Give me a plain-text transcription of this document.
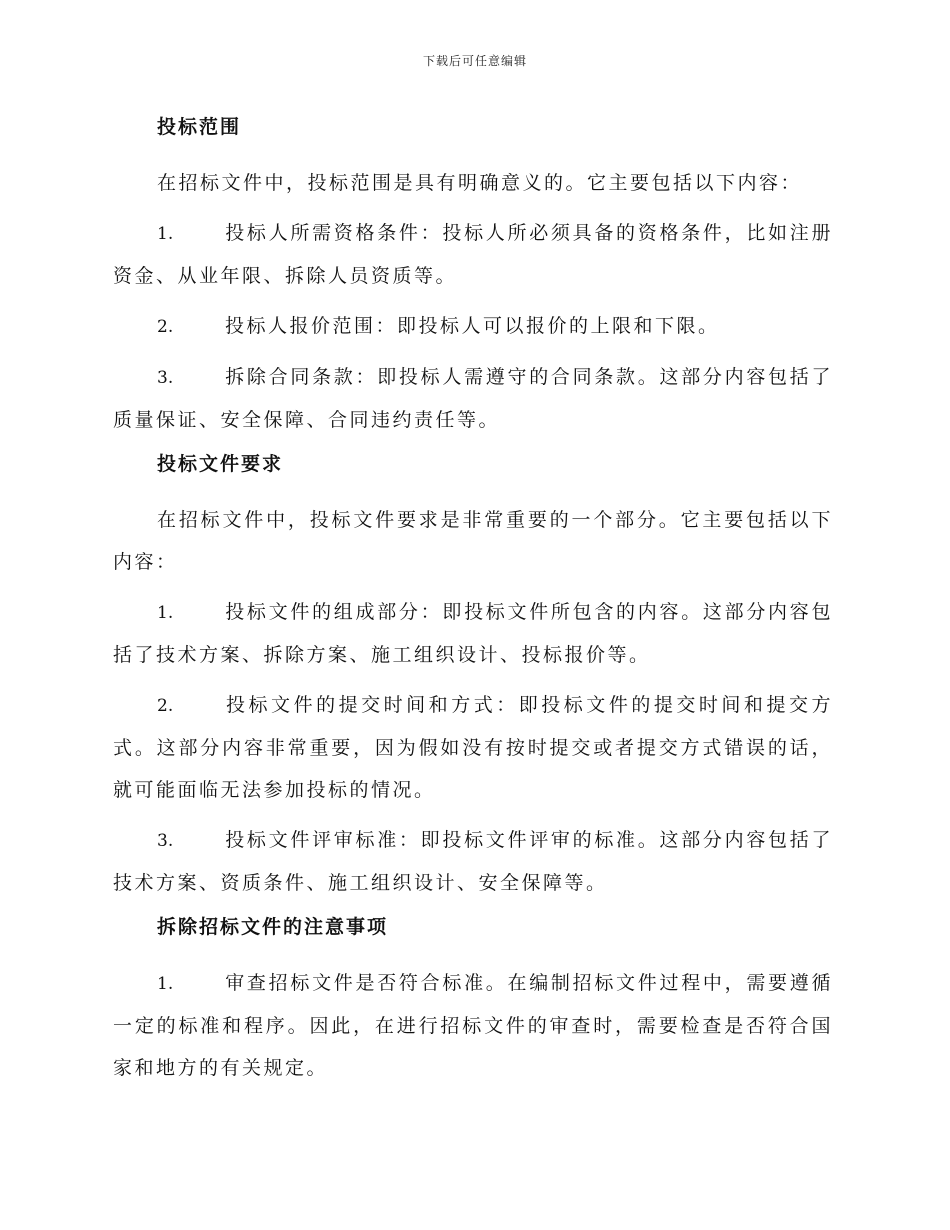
下载后可任意编辑
投标范围

在招标文件中，投标范围是具有明确意义的。它主要包括以下内容：

1.	投标人所需资格条件：投标人所必须具备的资格条件，比如注册资金、从业年限、拆除人员资质等。

2.	投标人报价范围：即投标人可以报价的上限和下限。

3.	拆除合同条款：即投标人需遵守的合同条款。这部分内容包括了质量保证、安全保障、合同违约责任等。

投标文件要求

在招标文件中，投标文件要求是非常重要的一个部分。它主要包括以下内容：

1.	投标文件的组成部分：即投标文件所包含的内容。这部分内容包括了技术方案、拆除方案、施工组织设计、投标报价等。

2.	投标文件的提交时间和方式：即投标文件的提交时间和提交方式。这部分内容非常重要，因为假如没有按时提交或者提交方式错误的话，就可能面临无法参加投标的情况。

3.	投标文件评审标准：即投标文件评审的标准。这部分内容包括了技术方案、资质条件、施工组织设计、安全保障等。

拆除招标文件的注意事项

1.	审查招标文件是否符合标准。在编制招标文件过程中，需要遵循一定的标准和程序。因此，在进行招标文件的审查时，需要检查是否符合国家和地方的有关规定。
